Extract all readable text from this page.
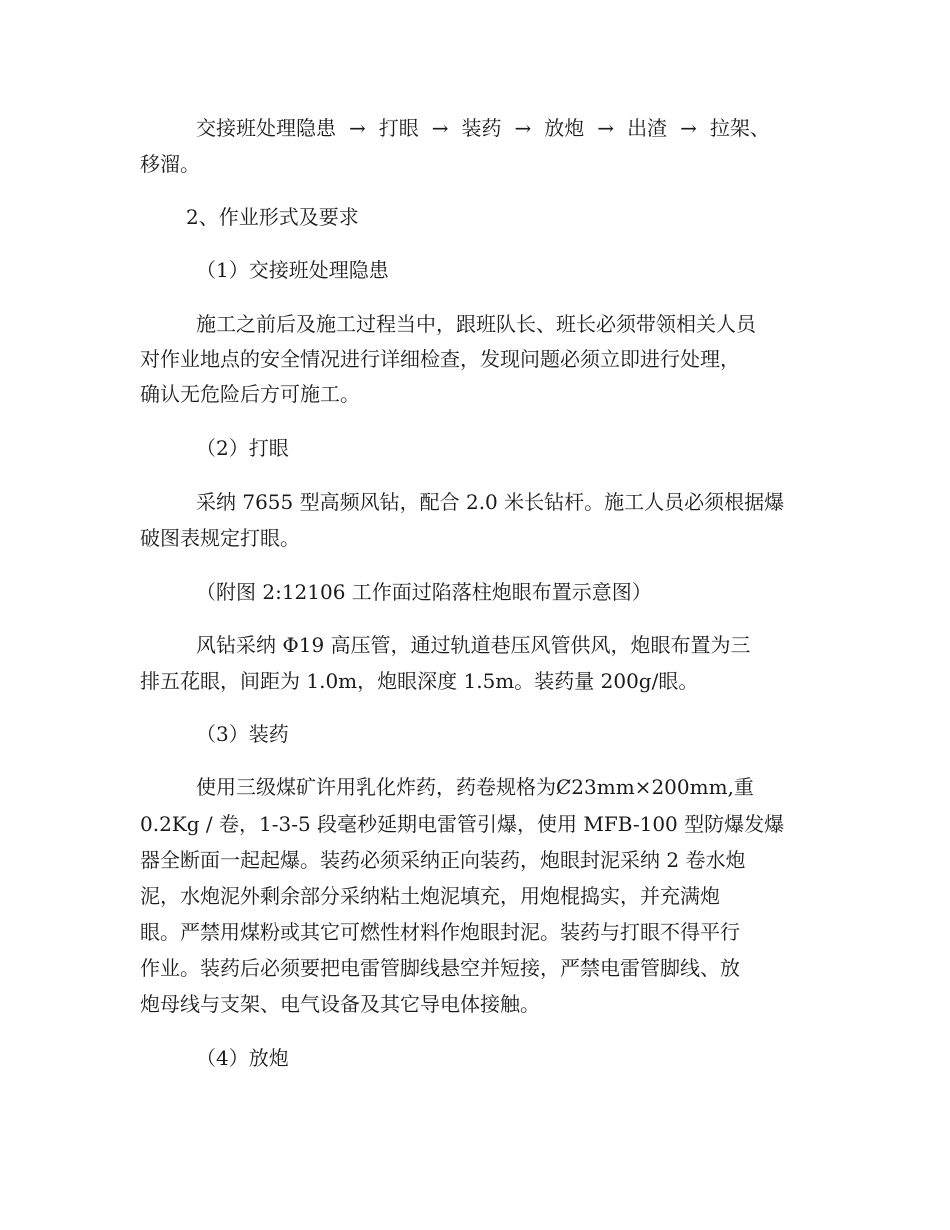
交接班处理隐患 → 打眼 → 装药 → 放炮 → 出渣 → 拉架、
移溜。
2、作业形式及要求
（1）交接班处理隐患
施工之前后及施工过程当中，跟班队长、班长必须带领相关人员
对作业地点的安全情况进行详细检查，发现问题必须立即进行处理，
确认无危险后方可施工。
（2）打眼
采纳 7655 型高频风钻，配合 2.0 米长钻杆。施工人员必须根据爆
破图表规定打眼。
（附图 2:12106 工作面过陷落柱炮眼布置示意图）
风钻采纳 Φ19 高压管，通过轨道巷压风管供风，炮眼布置为三
排五花眼，间距为 1.0m，炮眼深度 1.5m。装药量 200g/眼。
（3）装药
使用三级煤矿许用乳化炸药，药卷规格为Ȼ23mm×200mm,重
0.2Kg / 卷，1-3-5 段毫秒延期电雷管引爆，使用 MFB-100 型防爆发爆
器全断面一起起爆。装药必须采纳正向装药，炮眼封泥采纳 2 卷水炮
泥，水炮泥外剩余部分采纳粘土炮泥填充，用炮棍捣实，并充满炮
眼。严禁用煤粉或其它可燃性材料作炮眼封泥。装药与打眼不得平行
作业。装药后必须要把电雷管脚线悬空并短接，严禁电雷管脚线、放
炮母线与支架、电气设备及其它导电体接触。
（4）放炮
